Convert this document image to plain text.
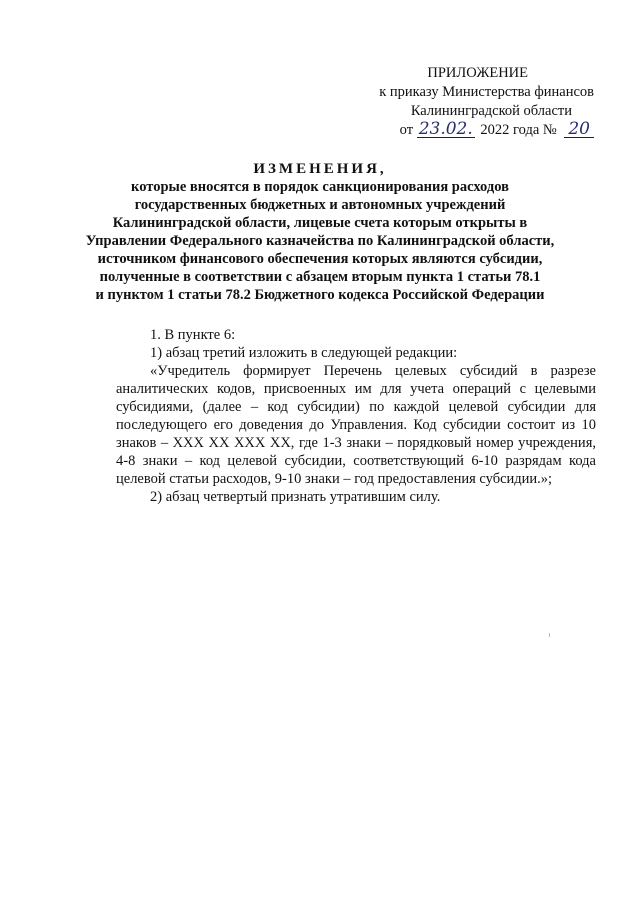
ПРИЛОЖЕНИЕ
к приказу Министерства финансов
Калининградской области
от 23.02. 2022 года № 20
ИЗМЕНЕНИЯ,
которые вносятся в порядок санкционирования расходов
государственных бюджетных и автономных учреждений
Калининградской области, лицевые счета которым открыты в
Управлении Федерального казначейства по Калининградской области,
источником финансового обеспечения которых являются субсидии,
полученные в соответствии с абзацем вторым пункта 1 статьи 78.1
и пунктом 1 статьи 78.2 Бюджетного кодекса Российской Федерации
1. В пункте 6:
1) абзац третий изложить в следующей редакции:
«Учредитель формирует Перечень целевых субсидий в разрезе
аналитических кодов, присвоенных им для учета операций с целевыми
субсидиями, (далее – код субсидии) по каждой целевой субсидии для
последующего его доведения до Управления. Код субсидии состоит из 10
знаков – XXX XX XXX XX, где 1-3 знаки – порядковый номер учреждения,
4-8 знаки – код целевой субсидии, соответствующий 6-10 разрядам кода
целевой статьи расходов, 9-10 знаки – год предоставления субсидии.»;
2) абзац четвертый признать утратившим силу.
